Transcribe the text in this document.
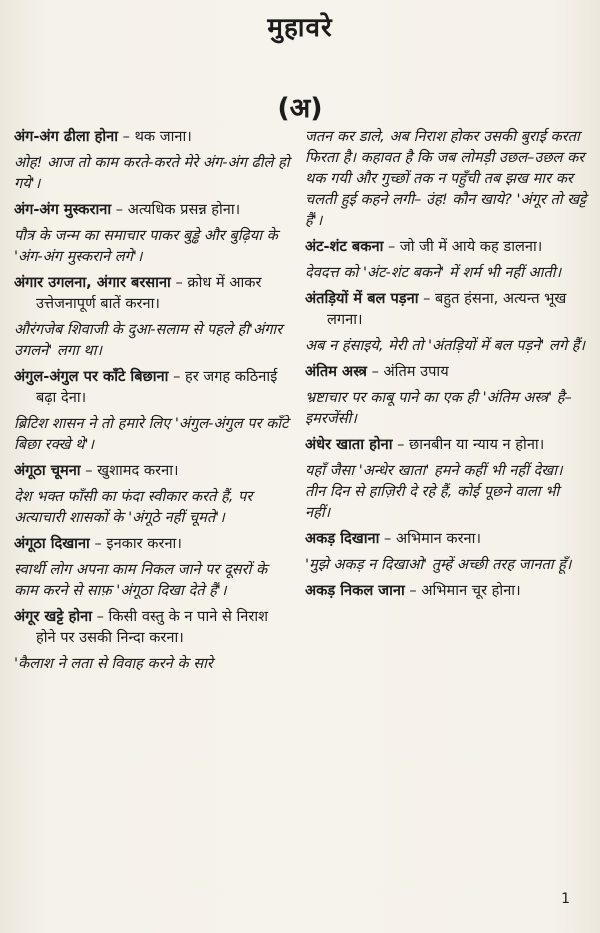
मुहावरे
(अ)
अंग-अंग ढीला होना – थक जाना।
ओह! आज तो काम करते-करते मेरे अंग-अंग ढीले हो गये'।
अंग-अंग मुस्कराना – अत्यधिक प्रसन्न होना।
पौत्र के जन्म का समाचार पाकर बुड्ढे और बुढ़िया के 'अंग-अंग मुस्कराने लगे'।
अंगार उगलना, अंगार बरसाना – क्रोध में आकर उत्तेजनापूर्ण बातें करना।
औरंगजेब शिवाजी के दुआ-सलाम से पहले ही'अंगार उगलने' लगा था।
अंगुल-अंगुल पर काँटे बिछाना – हर जगह कठिनाई बढ़ा देना।
ब्रिटिश शासन ने तो हमारे लिए 'अंगुल-अंगुल पर काँटे बिछा रक्खे थे'।
अंगूठा चूमना – खुशामद करना।
देश भक्त फाँसी का फंदा स्वीकार करते हैं, पर अत्याचारी शासकों के 'अंगूठे नहीं चूमते'।
अंगूठा दिखाना – इनकार करना।
स्वार्थी लोग अपना काम निकल जाने पर दूसरों के काम करने से साफ़ 'अंगूठा दिखा देते हैं'।
अंगूर खट्टे होना – किसी वस्तु के न पाने से निराश होने पर उसकी निन्दा करना।
'कैलाश ने लता से विवाह करने के सारे
जतन कर डाले, अब निराश होकर उसकी बुराई करता फिरता है। कहावत है कि जब लोमड़ी उछल–उछल कर थक गयी और गुच्छों तक न पहुँची तब झख मार कर चलती हुई कहने लगी– उंह! कौन खाये? 'अंगूर तो खट्टे हैं'।
अंट-शंट बकना – जो जी में आये कह डालना।
देवदत्त को 'अंट-शंट बकने' में शर्म भी नहीं आती।
अंतड़ियों में बल पड़ना – बहुत हंसना, अत्यन्त भूख लगना।
अब न हंसाइये, मेरी तो 'अंतड़ियों में बल पड़ने' लगे हैं।
अंतिम अस्त्र – अंतिम उपाय
भ्रष्टाचार पर काबू पाने का एक ही 'अंतिम अस्त्र' है– इमरजेंसी।
अंधेर खाता होना – छानबीन या न्याय न होना।
यहाँ जैसा 'अन्धेर खाता' हमने कहीं भी नहीं देखा। तीन दिन से हाज़िरी दे रहे हैं, कोई पूछने वाला भी नहीं।
अकड़ दिखाना – अभिमान करना।
'मुझे अकड़ न दिखाओ' तुम्हें अच्छी तरह जानता हूँ।
अकड़ निकल जाना – अभिमान चूर होना।
1
